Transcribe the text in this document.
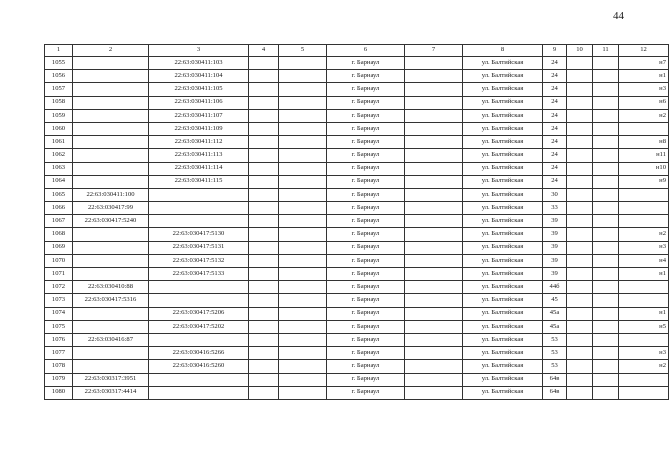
44
1	2	3	4	5	6	7	8	9	10	11	12
1055		22:63:030411:103			г. Барнаул		ул. Балтийская	24			н7
1056		22:63:030411:104			г. Барнаул		ул. Балтийская	24			н1
1057		22:63:030411:105			г. Барнаул		ул. Балтийская	24			н3
1058		22:63:030411:106			г. Барнаул		ул. Балтийская	24			н6
1059		22:63:030411:107			г. Барнаул		ул. Балтийская	24			н2
1060		22:63:030411:109			г. Барнаул		ул. Балтийская	24			
1061		22:63:030411:112			г. Барнаул		ул. Балтийская	24			н8
1062		22:63:030411:113			г. Барнаул		ул. Балтийская	24			н11
1063		22:63:030411:114			г. Барнаул		ул. Балтийская	24			н10
1064		22:63:030411:115			г. Барнаул		ул. Балтийская	24			н9
1065	22:63:030411:100				г. Барнаул		ул. Балтийская	30			
1066	22:63:030417:99				г. Барнаул		ул. Балтийская	33			
1067	22:63:030417:5240				г. Барнаул		ул. Балтийская	39			
1068		22:63:030417:5130			г. Барнаул		ул. Балтийская	39			н2
1069		22:63:030417:5131			г. Барнаул		ул. Балтийская	39			н3
1070		22:63:030417:5132			г. Барнаул		ул. Балтийская	39			н4
1071		22:63:030417:5133			г. Барнаул		ул. Балтийская	39			н1
1072	22:63:030410:88				г. Барнаул		ул. Балтийская	44б			
1073	22:63:030417:5316				г. Барнаул		ул. Балтийская	45			
1074		22:63:030417:5206			г. Барнаул		ул. Балтийская	45а			н1
1075		22:63:030417:5202			г. Барнаул		ул. Балтийская	45а			н5
1076	22:63:030416:87				г. Барнаул		ул. Балтийская	53			
1077		22:63:030416:5266			г. Барнаул		ул. Балтийская	53			н3
1078		22:63:030416:5260			г. Барнаул		ул. Балтийская	53			н2
1079	22:63:030317:3951				г. Барнаул		ул. Балтийская	64в			
1080	22:63:030317:4414				г. Барнаул		ул. Балтийская	64в			
